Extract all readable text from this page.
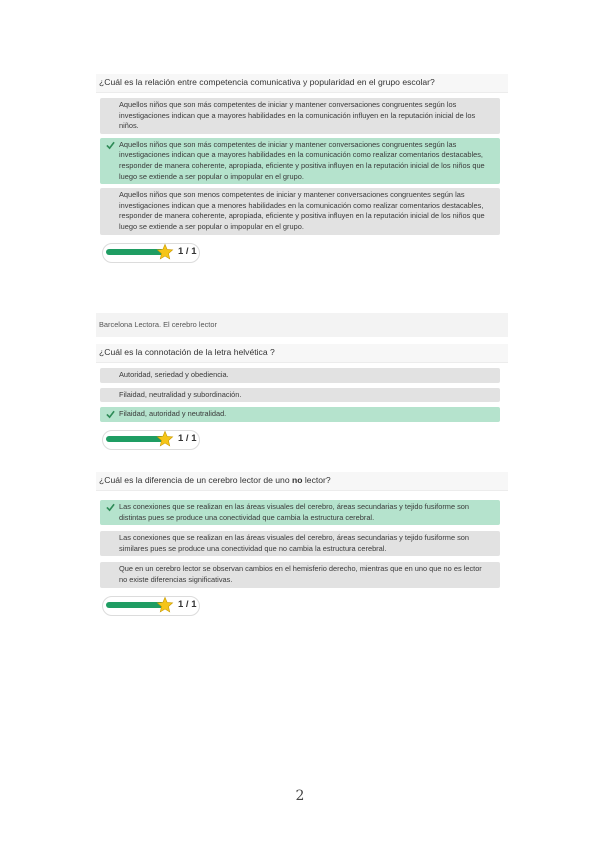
¿Cuál es la relación entre competencia comunicativa y popularidad en el grupo escolar?
Aquellos niños que son más competentes de iniciar y mantener conversaciones congruentes según los investigaciones indican que a mayores habilidades en la comunicación influyen en la reputación inicial de los niños.
Aquellos niños que son más competentes de iniciar y mantener conversaciones congruentes según las investigaciones indican que a mayores habilidades en la comunicación como realizar comentarios destacables, responder de manera coherente, apropiada, eficiente y positiva influyen en la reputación inicial de los niños que luego se extiende a ser popular o impopular en el grupo.
Aquellos niños que son menos competentes de iniciar y mantener conversaciones congruentes según las investigaciones indican que a menores habilidades en la comunicación como realizar comentarios destacables, responder de manera coherente, apropiada, eficiente y positiva influyen en la reputación inicial de los niños que luego se extiende a ser popular o impopular en el grupo.
1 / 1
Barcelona Lectora. El cerebro lector
¿Cuál es la connotación de la letra helvética ?
Autoridad, seriedad y obediencia.
Filaidad, neutralidad y subordinación.
Filaidad, autoridad y neutralidad.
1 / 1
¿Cuál es la diferencia de un cerebro lector de uno no lector?
Las conexiones que se realizan en las áreas visuales del cerebro, áreas secundarias y tejido fusiforme son distintas pues se produce una conectividad que cambia la estructura cerebral.
Las conexiones que se realizan en las áreas visuales del cerebro, áreas secundarias y tejido fusiforme son similares pues se produce una conectividad que no cambia la estructura cerebral.
Que en un cerebro lector se observan cambios en el hemisferio derecho, mientras que en uno que no es lector no existe diferencias significativas.
1 / 1
2
